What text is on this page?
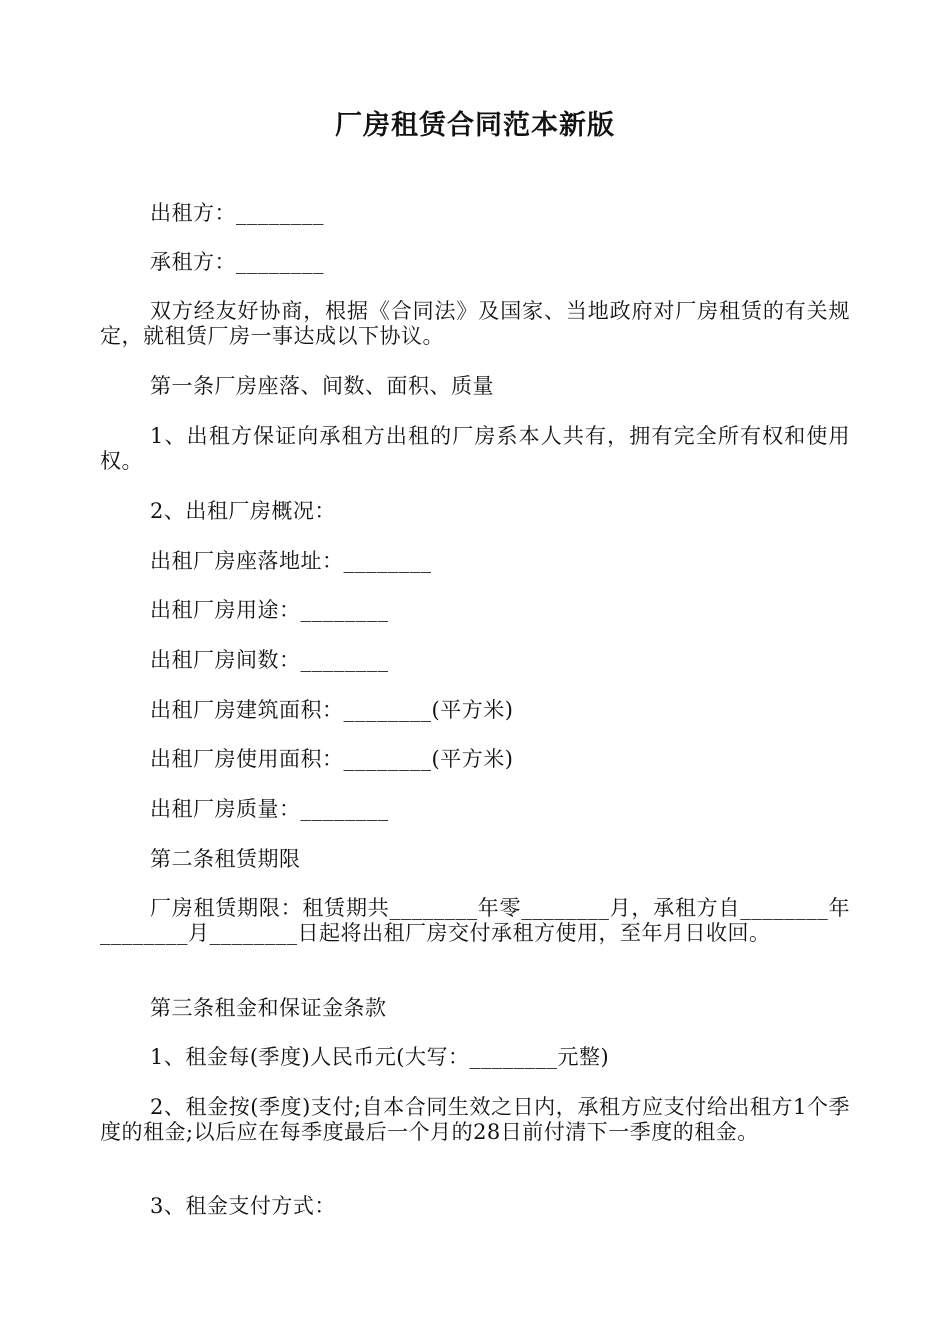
厂房租赁合同范本新版
出租方：________
承租方：________
双方经友好协商，根据《合同法》及国家、当地政府对厂房租赁的有关规定，就租赁厂房一事达成以下协议。
第一条厂房座落、间数、面积、质量
1、出租方保证向承租方出租的厂房系本人共有，拥有完全所有权和使用权。
2、出租厂房概况：
出租厂房座落地址：________
出租厂房用途：________
出租厂房间数：________
出租厂房建筑面积：________(平方米)
出租厂房使用面积：________(平方米)
出租厂房质量：________
第二条租赁期限
厂房租赁期限：租赁期共________年零________月，承租方自________年________月________日起将出租厂房交付承租方使用，至年月日收回。
第三条租金和保证金条款
1、租金每(季度)人民币元(大写：________元整)
2、租金按(季度)支付;自本合同生效之日内，承租方应支付给出租方1个季度的租金;以后应在每季度最后一个月的28日前付清下一季度的租金。
3、租金支付方式：
